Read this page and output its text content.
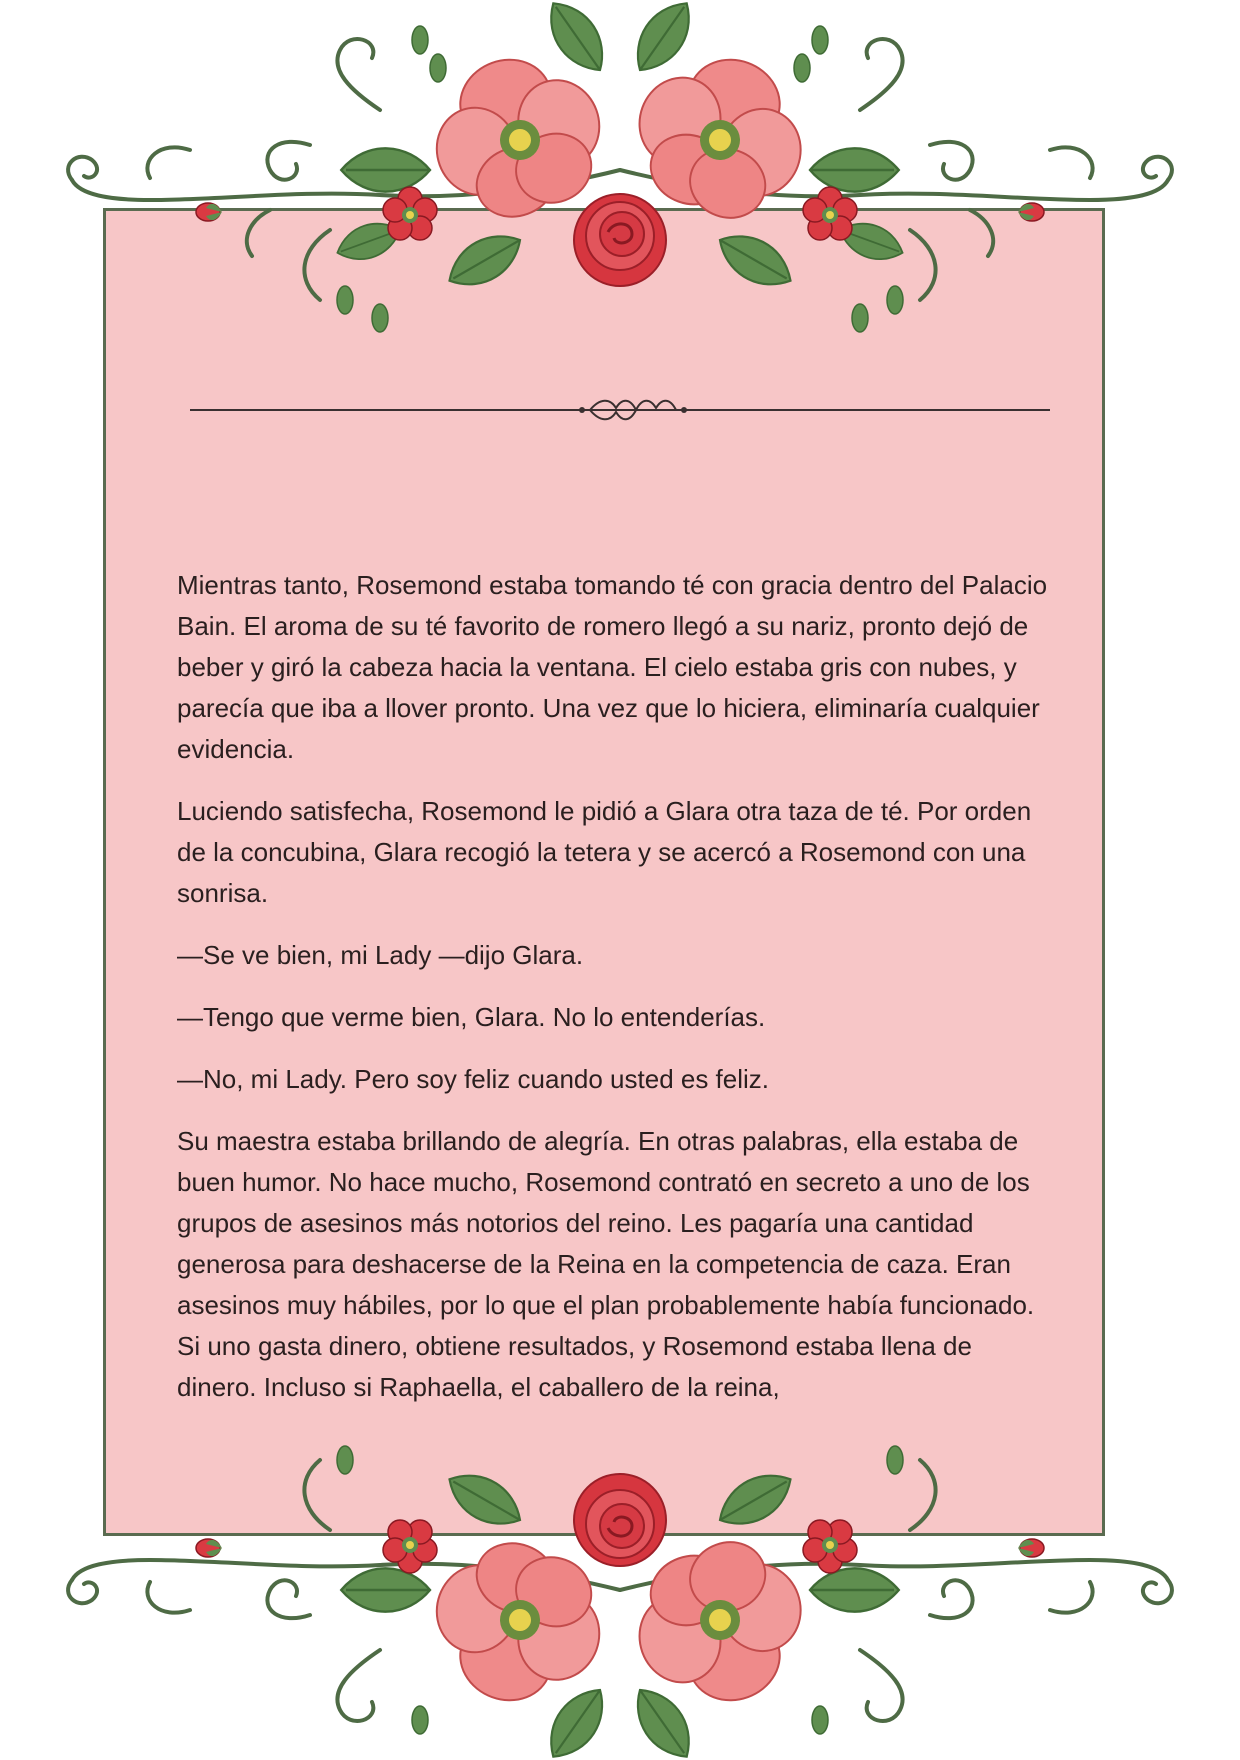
Mientras tanto, Rosemond estaba tomando té con gracia dentro del Palacio Bain. El aroma de su té favorito de romero llegó a su nariz, pronto dejó de beber y giró la cabeza hacia la ventana. El cielo estaba gris con nubes, y parecía que iba a llover pronto. Una vez que lo hiciera, eliminaría cualquier evidencia.

Luciendo satisfecha, Rosemond le pidió a Glara otra taza de té. Por orden de la concubina, Glara recogió la tetera y se acercó a Rosemond con una sonrisa.

—Se ve bien, mi Lady —dijo Glara.

—Tengo que verme bien, Glara. No lo entenderías.

—No, mi Lady. Pero soy feliz cuando usted es feliz.

Su maestra estaba brillando de alegría. En otras palabras, ella estaba de buen humor. No hace mucho, Rosemond contrató en secreto a uno de los grupos de asesinos más notorios del reino. Les pagaría una cantidad generosa para deshacerse de la Reina en la competencia de caza. Eran asesinos muy hábiles, por lo que el plan probablemente había funcionado. Si uno gasta dinero, obtiene resultados, y Rosemond estaba llena de dinero. Incluso si Raphaella, el caballero de la reina,
